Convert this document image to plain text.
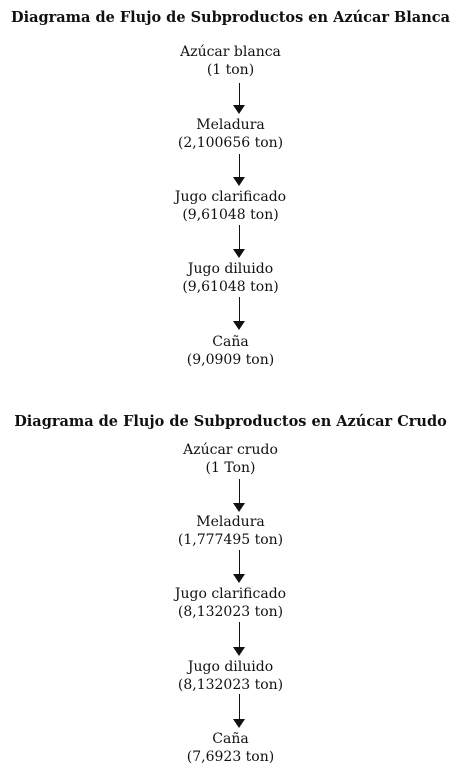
Diagrama de Flujo de Subproductos en Azúcar Blanca
Azúcar blanca
(1 ton)
Meladura
(2,100656 ton)
Jugo clarificado
(9,61048 ton)
Jugo diluido
(9,61048 ton)
Caña
(9,0909 ton)
Diagrama de Flujo de Subproductos en Azúcar Crudo
Azúcar crudo
(1 Ton)
Meladura
(1,777495 ton)
Jugo clarificado
(8,132023 ton)
Jugo diluido
(8,132023 ton)
Caña
(7,6923 ton)
